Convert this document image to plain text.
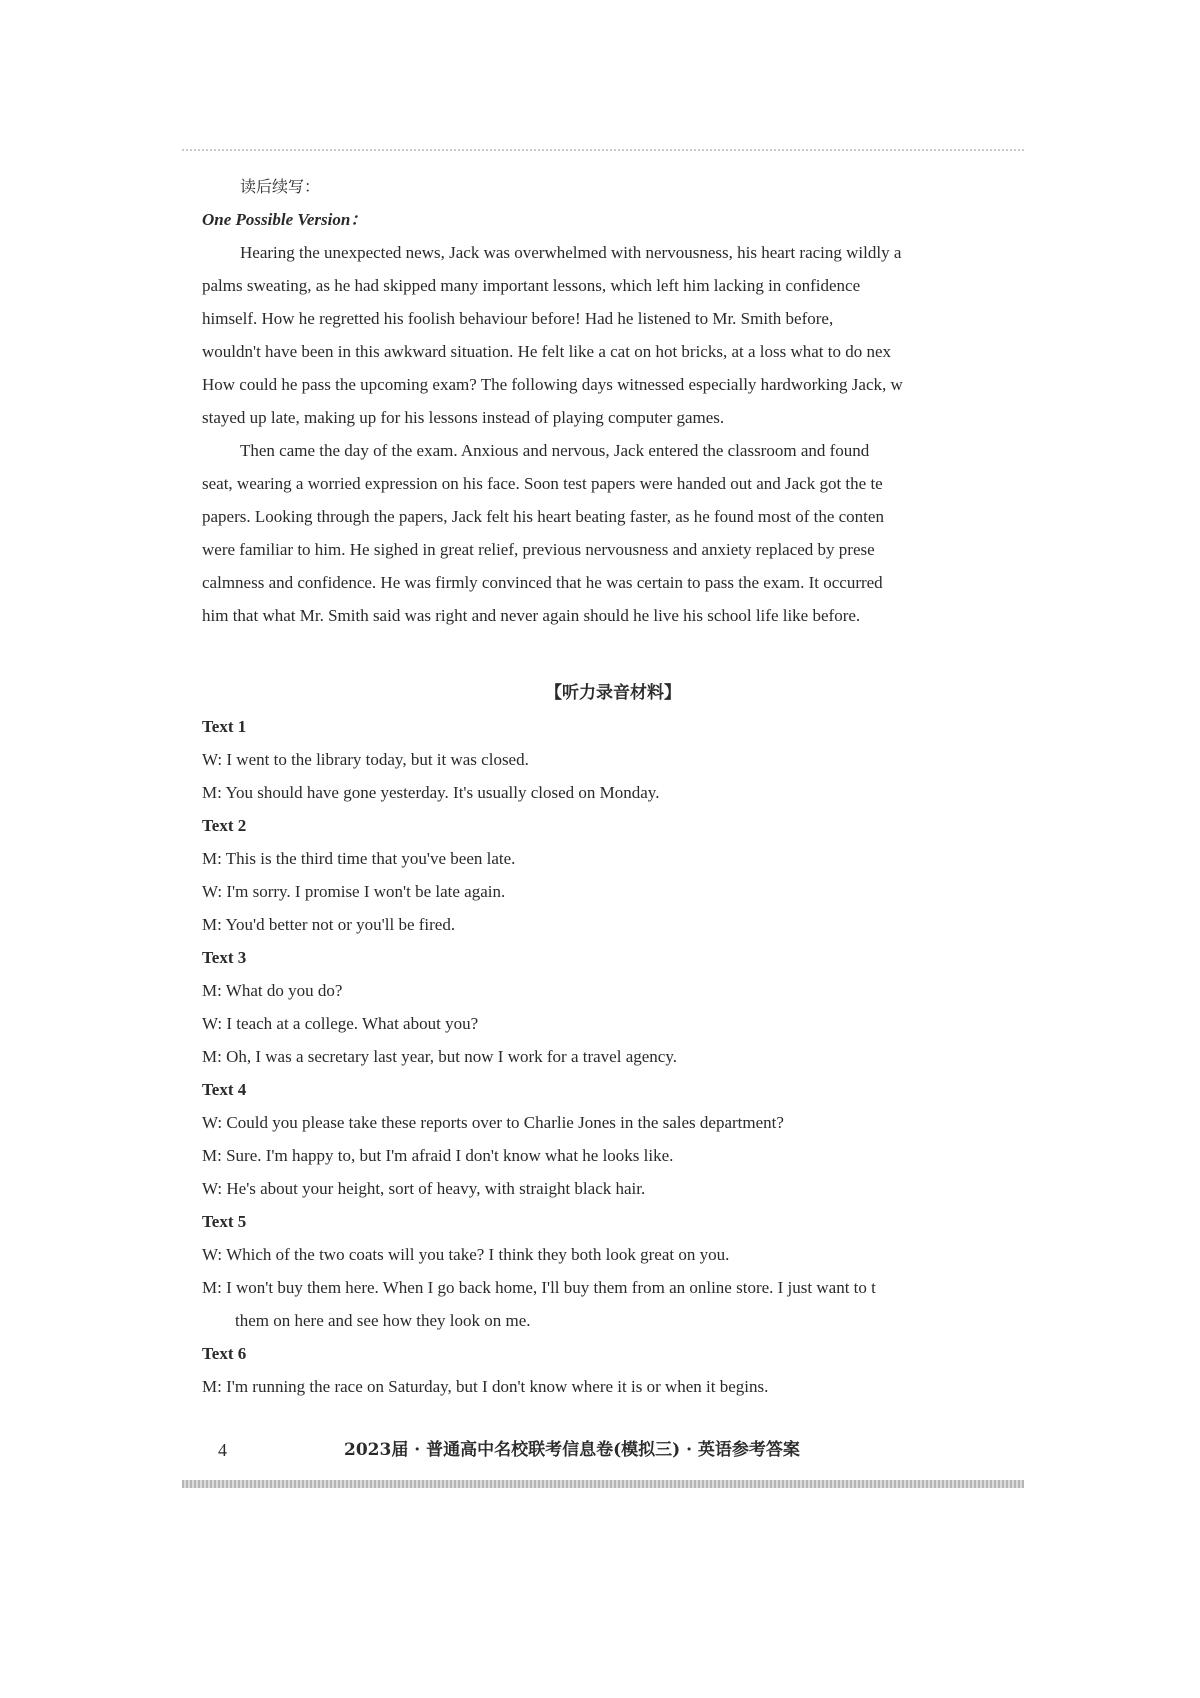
读后续写：
One Possible Version：
Hearing the unexpected news, Jack was overwhelmed with nervousness, his heart racing wildly a
palms sweating, as he had skipped many important lessons, which left him lacking in confidence
himself. How he regretted his foolish behaviour before! Had he listened to Mr. Smith before,
wouldn't have been in this awkward situation. He felt like a cat on hot bricks, at a loss what to do nex
How could he pass the upcoming exam? The following days witnessed especially hardworking Jack, w
stayed up late, making up for his lessons instead of playing computer games.
Then came the day of the exam. Anxious and nervous, Jack entered the classroom and found
seat, wearing a worried expression on his face. Soon test papers were handed out and Jack got the te
papers. Looking through the papers, Jack felt his heart beating faster, as he found most of the conten
were familiar to him. He sighed in great relief, previous nervousness and anxiety replaced by prese
calmness and confidence. He was firmly convinced that he was certain to pass the exam. It occurred
him that what Mr. Smith said was right and never again should he live his school life like before.
【听力录音材料】
Text 1
W: I went to the library today, but it was closed.
M: You should have gone yesterday. It's usually closed on Monday.
Text 2
M: This is the third time that you've been late.
W: I'm sorry. I promise I won't be late again.
M: You'd better not or you'll be fired.
Text 3
M: What do you do?
W: I teach at a college. What about you?
M: Oh, I was a secretary last year, but now I work for a travel agency.
Text 4
W: Could you please take these reports over to Charlie Jones in the sales department?
M: Sure. I'm happy to, but I'm afraid I don't know what he looks like.
W: He's about your height, sort of heavy, with straight black hair.
Text 5
W: Which of the two coats will you take? I think they both look great on you.
M: I won't buy them here. When I go back home, I'll buy them from an online store. I just want to t
them on here and see how they look on me.
Text 6
M: I'm running the race on Saturday, but I don't know where it is or when it begins.
4	2023届 · 普通高中名校联考信息卷(模拟三) · 英语参考答案
